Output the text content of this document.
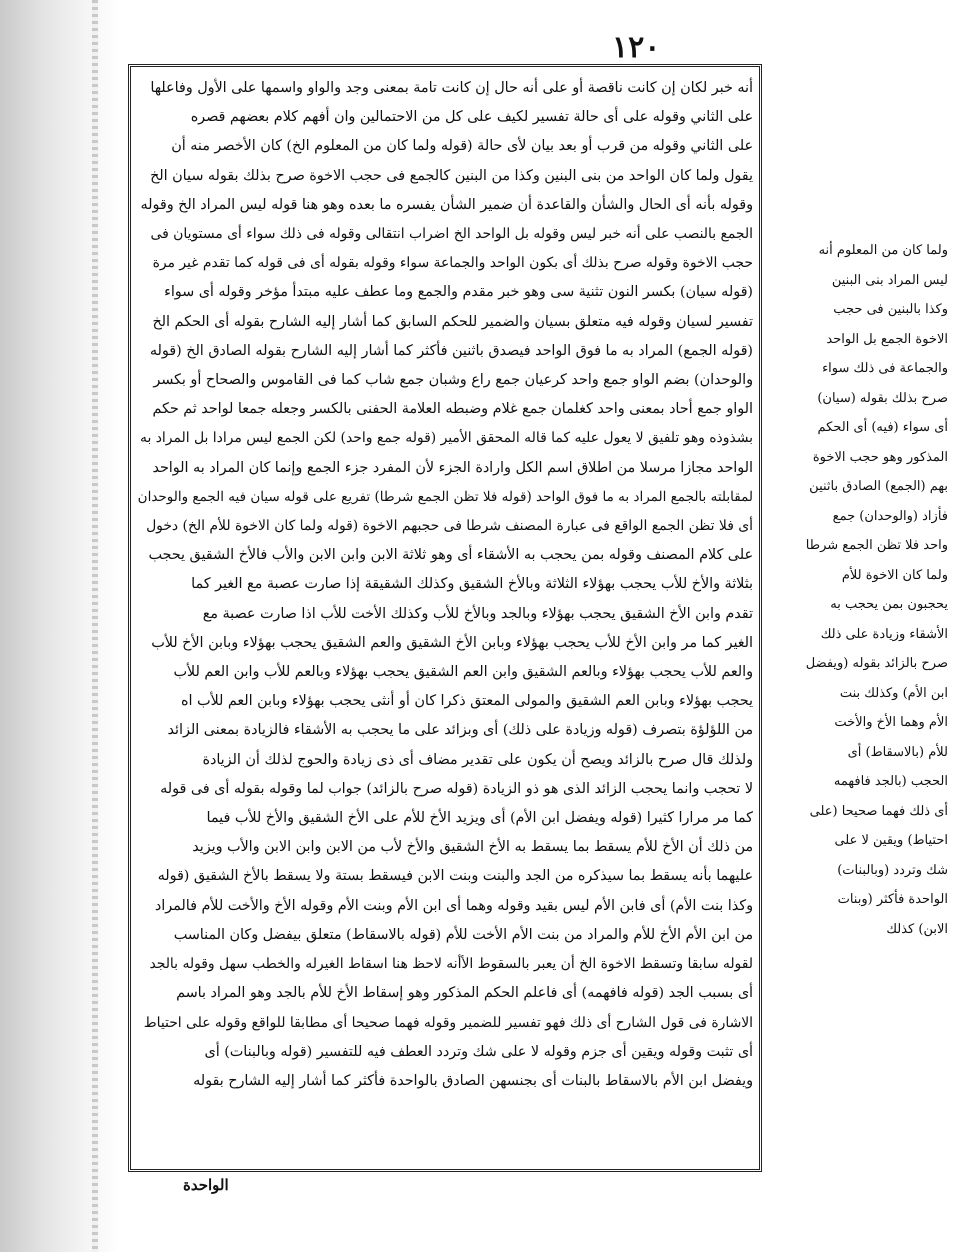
١٢٠
أنه خبر لكان إن كانت ناقصة أو على أنه حال إن كانت تامة بمعنى وجد والواو واسمها على الأول وفاعلها
على الثاني وقوله على أى حالة تفسير لكيف على كل من الاحتمالين وان أفهم كلام بعضهم قصره
على الثاني وقوله من قرب أو بعد بيان لأى حالة (قوله ولما كان من المعلوم الخ) كان الأخصر منه أن
يقول ولما كان الواحد من بنى البنين وكذا من البنين كالجمع فى حجب الاخوة صرح بذلك بقوله سيان الخ
وقوله بأنه أى الحال والشأن والقاعدة أن ضمير الشأن يفسره ما بعده وهو هنا قوله ليس المراد الخ وقوله
الجمع بالنصب على أنه خبر ليس وقوله بل الواحد الخ اضراب انتقالى وقوله فى ذلك سواء أى مستويان فى
حجب الاخوة وقوله صرح بذلك أى بكون الواحد والجماعة سواء وقوله بقوله أى فى قوله كما تقدم غير مرة
(قوله سيان) بكسر النون تثنية سى وهو خبر مقدم والجمع وما عطف عليه مبتدأ مؤخر وقوله أى سواء
تفسير لسيان وقوله فيه متعلق بسيان والضمير للحكم السابق كما أشار إليه الشارح بقوله أى الحكم الخ
(قوله الجمع) المراد به ما فوق الواحد فيصدق باثنين فأكثر كما أشار إليه الشارح بقوله الصادق الخ (قوله
والوحدان) بضم الواو جمع واحد كرعيان جمع راع وشبان جمع شاب كما فى القاموس والصحاح أو بكسر
الواو جمع أحاد بمعنى واحد كغلمان جمع غلام وضبطه العلامة الحفنى بالكسر وجعله جمعا لواحد ثم حكم
بشذوذه وهو تلفيق لا يعول عليه كما قاله المحقق الأمير (قوله جمع واحد) لكن الجمع ليس مرادا بل المراد به
الواحد مجازا مرسلا من اطلاق اسم الكل وارادة الجزء لأن المفرد جزء الجمع وإنما كان المراد به الواحد
لمقابلته بالجمع المراد به ما فوق الواحد (قوله فلا تظن الجمع شرطا) تفريع على قوله سيان فيه الجمع والوحدان
أى فلا تظن الجمع الواقع فى عبارة المصنف شرطا فى حجبهم الاخوة (قوله ولما كان الاخوة للأم الخ) دخول
على كلام المصنف وقوله بمن يحجب به الأشقاء أى وهو ثلاثة الابن وابن الابن والأب فالأخ الشقيق يحجب
بثلاثة والأخ للأب يحجب بهؤلاء الثلاثة وبالأخ الشقيق وكذلك الشقيقة إذا صارت عصبة مع الغير كما
تقدم وابن الأخ الشقيق يحجب بهؤلاء وبالجد وبالأخ للأب وكذلك الأخت للأب اذا صارت عصبة مع
الغير كما مر وابن الأخ للأب يحجب بهؤلاء وبابن الأخ الشقيق والعم الشقيق يحجب بهؤلاء وبابن الأخ للأب
والعم للأب يحجب بهؤلاء وبالعم الشقيق وابن العم الشقيق يحجب بهؤلاء وبالعم للأب وابن العم للأب
يحجب بهؤلاء وبابن العم الشقيق والمولى المعتق ذكرا كان أو أنثى يحجب بهؤلاء وبابن العم للأب اه
من اللؤلؤة بتصرف (قوله وزيادة على ذلك) أى وبزائد على ما يحجب به الأشقاء فالزيادة بمعنى الزائد
ولذلك قال صرح بالزائد ويصح أن يكون على تقدير مضاف أى ذى زيادة والحوج لذلك أن الزيادة
لا تحجب وانما يحجب الزائد الذى هو ذو الزيادة (قوله صرح بالزائد) جواب لما وقوله بقوله أى فى قوله
كما مر مرارا كثيرا (قوله ويفضل ابن الأم) أى ويزيد الأخ للأم على الأخ الشقيق والأخ للأب فيما
من ذلك أن الأخ للأم يسقط بما يسقط به الأخ الشقيق والأخ لأب من الابن وابن الابن والأب ويزيد
عليهما بأنه يسقط بما سيذكره من الجد والبنت وبنت الابن فيسقط بستة ولا يسقط بالأخ الشقيق (قوله
وكذا بنت الأم) أى فابن الأم ليس بقيد وقوله وهما أى ابن الأم وبنت الأم وقوله الأخ والأخت للأم فالمراد
من ابن الأم الأخ للأم والمراد من بنت الأم الأخت للأم (قوله بالاسقاط) متعلق بيفضل وكان المناسب
لقوله سابقا وتسقط الاخوة الخ أن يعبر بالسقوط الأأنه لاحظ هنا اسقاط الغيرله والخطب سهل وقوله بالجد
أى بسبب الجد (قوله فافهمه) أى فاعلم الحكم المذكور وهو إسقاط الأخ للأم بالجد وهو المراد باسم
الاشارة فى قول الشارح أى ذلك فهو تفسير للضمير وقوله فهما صحيحا أى مطابقا للواقع وقوله على احتياط
أى تثبت وقوله ويقين أى جزم وقوله لا على شك وتردد العطف فيه للتفسير (قوله وبالبنات) أى
ويفضل ابن الأم بالاسقاط بالبنات أى بجنسهن الصادق بالواحدة فأكثر كما أشار إليه الشارح بقوله
ولما كان من المعلوم أنه
ليس المراد بنى البنين
وكذا بالبنين فى حجب
الاخوة الجمع بل الواحد
والجماعة فى ذلك سواء
صرح بذلك بقوله (سيان)
أى سواء (فيه) أى الحكم
المذكور وهو حجب الاخوة
بهم (الجمع) الصادق باثنين
فأزاد (والوحدان) جمع
واحد فلا تظن الجمع شرطا
ولما كان الاخوة للأم
يحجبون بمن يحجب به
الأشقاء وزيادة على ذلك
صرح بالزائد بقوله (ويفضل
ابن الأم) وكذلك بنت
الأم وهما الأخ والأخت
للأم (بالاسقاط) أى
الحجب (بالجد فافهمه
أى ذلك فهما صحيحا (على
احتياط) ويقين لا على
شك وتردد (وبالبنات)
الواحدة فأكثر (وبنات
الابن) كذلك
الواحدة
